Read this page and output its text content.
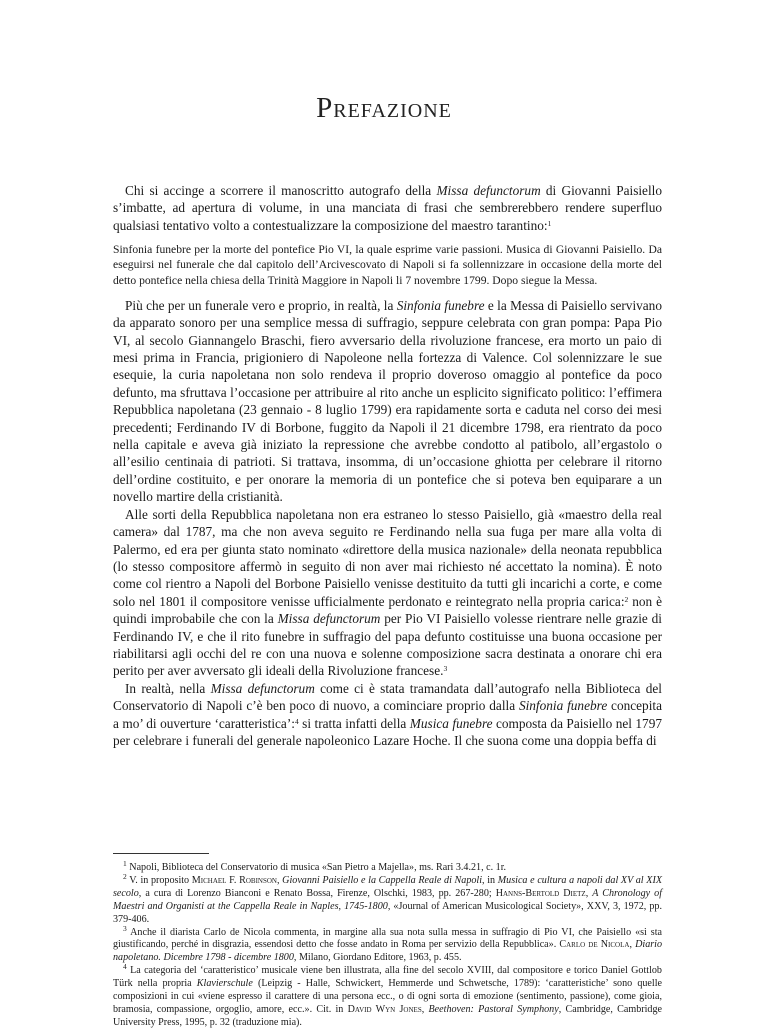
Prefazione

Chi si accinge a scorrere il manoscritto autografo della Missa defunctorum di Giovanni Paisiello s’imbatte, ad apertura di volume, in una manciata di frasi che sembrerebbero rendere superfluo qualsiasi tentativo volto a contestualizzare la composizione del maestro tarantino:$^1$

Sinfonia funebre per la morte del pontefice Pio VI, la quale esprime varie passioni. Musica di Giovanni Paisiello. Da eseguirsi nel funerale che dal capitolo dell’Arcivescovato di Napoli si fa sollennizzare in occasione della morte del detto pontefice nella chiesa della Trinità Maggiore in Napoli li 7 novembre 1799. Dopo siegue la Messa.

Più che per un funerale vero e proprio, in realtà, la Sinfonia funebre e la Messa di Paisiello servivano da apparato sonoro per una semplice messa di suffragio, seppure celebrata con gran pompa: Papa Pio VI, al secolo Giannangelo Braschi, fiero avversario della rivoluzione francese, era morto un paio di mesi prima in Francia, prigioniero di Napoleone nella fortezza di Valence. Col solennizzare le sue esequie, la curia napoletana non solo rendeva il proprio doveroso omaggio al pontefice da poco defunto, ma sfruttava l’occasione per attribuire al rito anche un esplicito significato politico: l’effimera Repubblica napoletana (23 gennaio - 8 luglio 1799) era rapidamente sorta e caduta nel corso dei mesi precedenti; Ferdinando IV di Borbone, fuggito da Napoli il 21 dicembre 1798, era rientrato da poco nella capitale e aveva già iniziato la repressione che avrebbe condotto al patibolo, all’ergastolo o all’esilio centinaia di patrioti. Si trattava, insomma, di un’occasione ghiotta per celebrare il ritorno dell’ordine costituito, e per onorare la memoria di un pontefice che si poteva ben equiparare a un novello martire della cristianità.

Alle sorti della Repubblica napoletana non era estraneo lo stesso Paisiello, già «maestro della real camera» dal 1787, ma che non aveva seguito re Ferdinando nella sua fuga per mare alla volta di Palermo, ed era per giunta stato nominato «direttore della musica nazionale» della neonata repubblica (lo stesso compositore affermò in seguito di non aver mai richiesto né accettato la nomina). È noto come col rientro a Napoli del Borbone Paisiello venisse destituito da tutti gli incarichi a corte, e come solo nel 1801 il compositore venisse ufficialmente perdonato e reintegrato nella propria carica:$^2$ non è quindi improbabile che con la Missa defunctorum per Pio VI Paisiello volesse rientrare nelle grazie di Ferdinando IV, e che il rito funebre in suffragio del papa defunto costituisse una buona occasione per riabilitarsi agli occhi del re con una nuova e solenne composizione sacra destinata a onorare chi era perito per aver avversato gli ideali della Rivoluzione francese.$^3$

In realtà, nella Missa defunctorum come ci è stata tramandata dall’autografo nella Biblioteca del Conservatorio di Napoli c’è ben poco di nuovo, a cominciare proprio dalla Sinfonia funebre concepita a mo’ di ouverture ‘caratteristica’:$^4$ si tratta infatti della Musica funebre composta da Paisiello nel 1797 per celebrare i funerali del generale napoleonico Lazare Hoche. Il che suona come una doppia beffa di

$^1$ Napoli, Biblioteca del Conservatorio di musica «San Pietro a Majella», ms. Rari 3.4.21, c. 1r.

$^2$ V. in proposito Michael F. Robinson, Giovanni Paisiello e la Cappella Reale di Napoli, in Musica e cultura a napoli dal XV al XIX secolo, a cura di Lorenzo Bianconi e Renato Bossa, Firenze, Olschki, 1983, pp. 267-280; Hanns-Bertold Dietz, A Chronology of Maestri and Organisti at the Cappella Reale in Naples, 1745-1800, «Journal of American Musicological Society», XXV, 3, 1972, pp. 379-406.

$^3$ Anche il diarista Carlo de Nicola commenta, in margine alla sua nota sulla messa in suffragio di Pio VI, che Paisiello «si sta giustificando, perché in disgrazia, essendosi detto che fosse andato in Roma per servizio della Repubblica». Carlo de Nicola, Diario napoletano. Dicembre 1798 - dicembre 1800, Milano, Giordano Editore, 1963, p. 455.

$^4$ La categoria del ‘caratteristico’ musicale viene ben illustrata, alla fine del secolo XVIII, dal compositore e torico Daniel Gottlob Türk nella propria Klavierschule (Leipzig - Halle, Schwickert, Hemmerde und Schwetsche, 1789): ‘caratteristiche’ sono quelle composizioni in cui «viene espresso il carattere di una persona ecc., o di ogni sorta di emozione (sentimento, passione), come gioia, bramosia, compassione, orgoglio, amore, ecc.». Cit. in David Wyn Jones, Beethoven: Pastoral Symphony, Cambridge, Cambridge University Press, 1995, p. 32 (traduzione mia).
